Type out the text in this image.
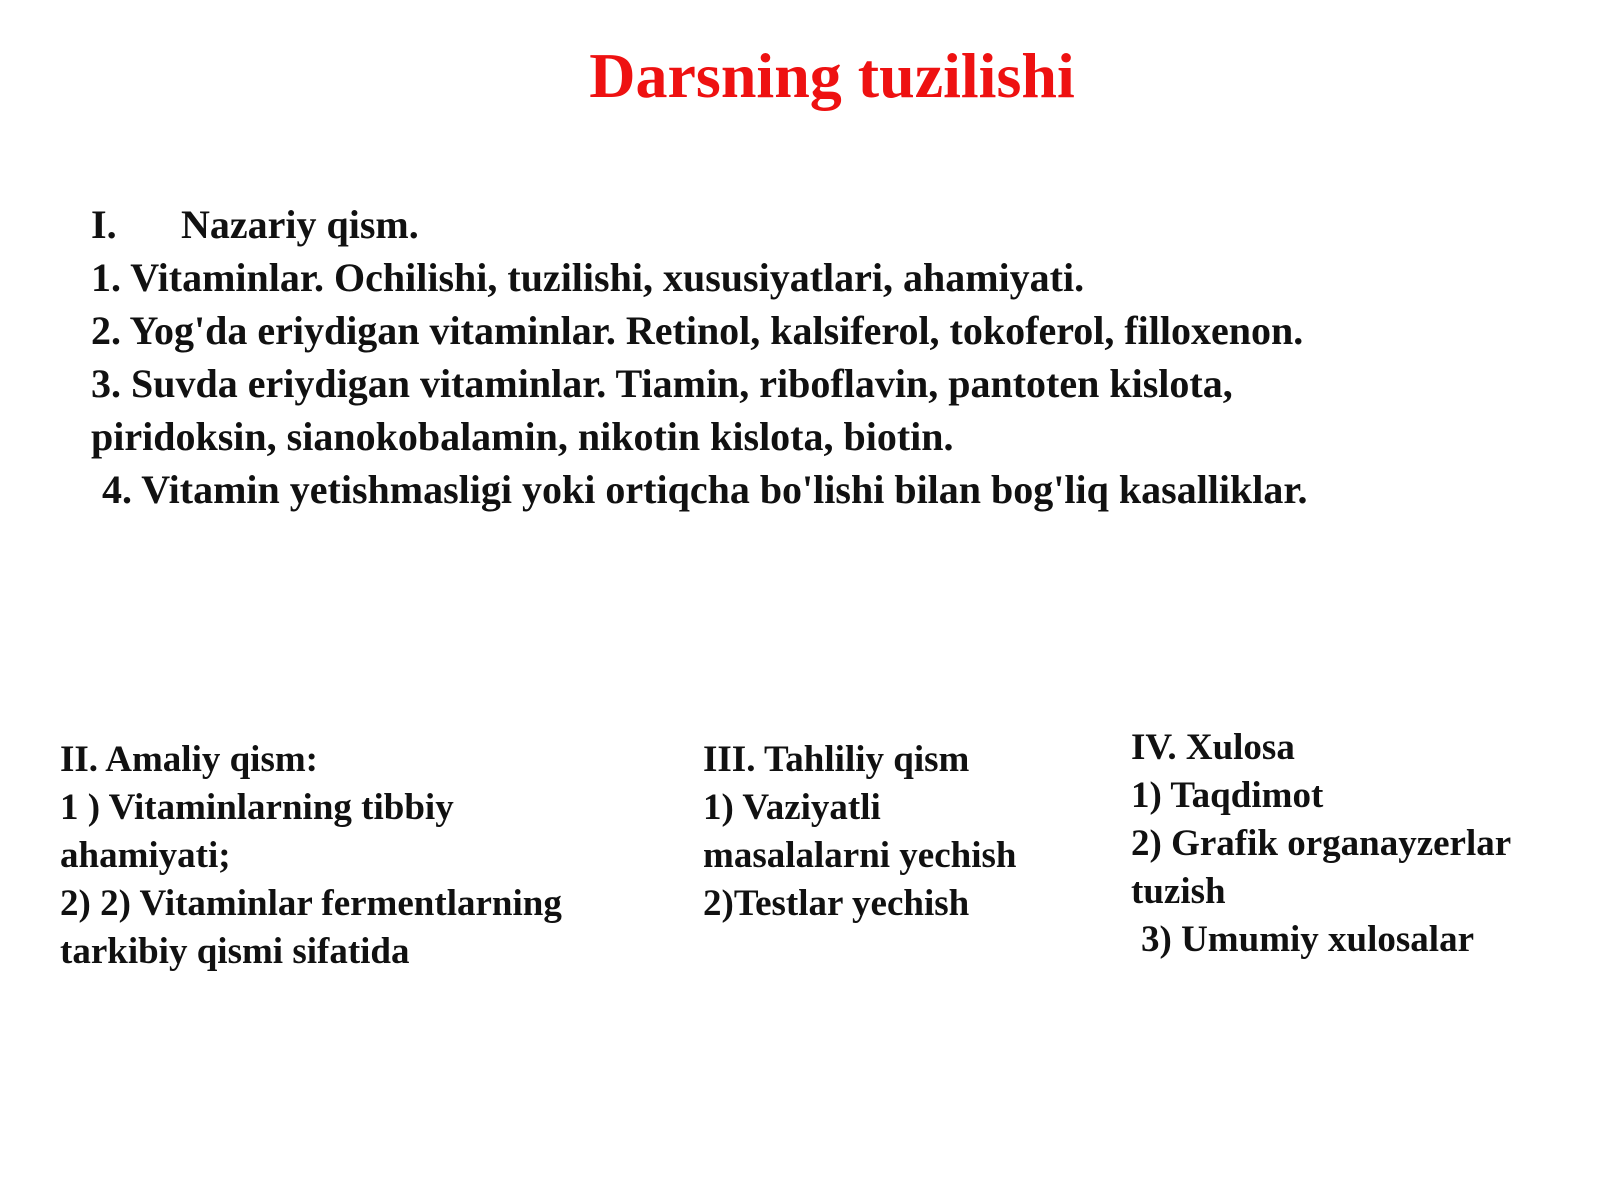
Darsning tuzilishi
I. Nazariy qism.
1. Vitaminlar. Ochilishi, tuzilishi, xususiyatlari, ahamiyati.
2. Yog'da eriydigan vitaminlar. Retinol, kalsiferol, tokoferol, filloxenon.
3. Suvda eriydigan vitaminlar. Tiamin, riboflavin, pantoten kislota,
piridoksin, sianokobalamin, nikotin kislota, biotin.
4. Vitamin yetishmasligi yoki ortiqcha bo'lishi bilan bog'liq kasalliklar.
II. Amaliy qism:
1 ) Vitaminlarning tibbiy
ahamiyati;
2) 2) Vitaminlar fermentlarning
tarkibiy qismi sifatida
III. Tahliliy qism
1) Vaziyatli
masalalarni yechish
2)Testlar yechish
IV. Xulosa
1) Taqdimot
2) Grafik organayzerlar
tuzish
3) Umumiy xulosalar
